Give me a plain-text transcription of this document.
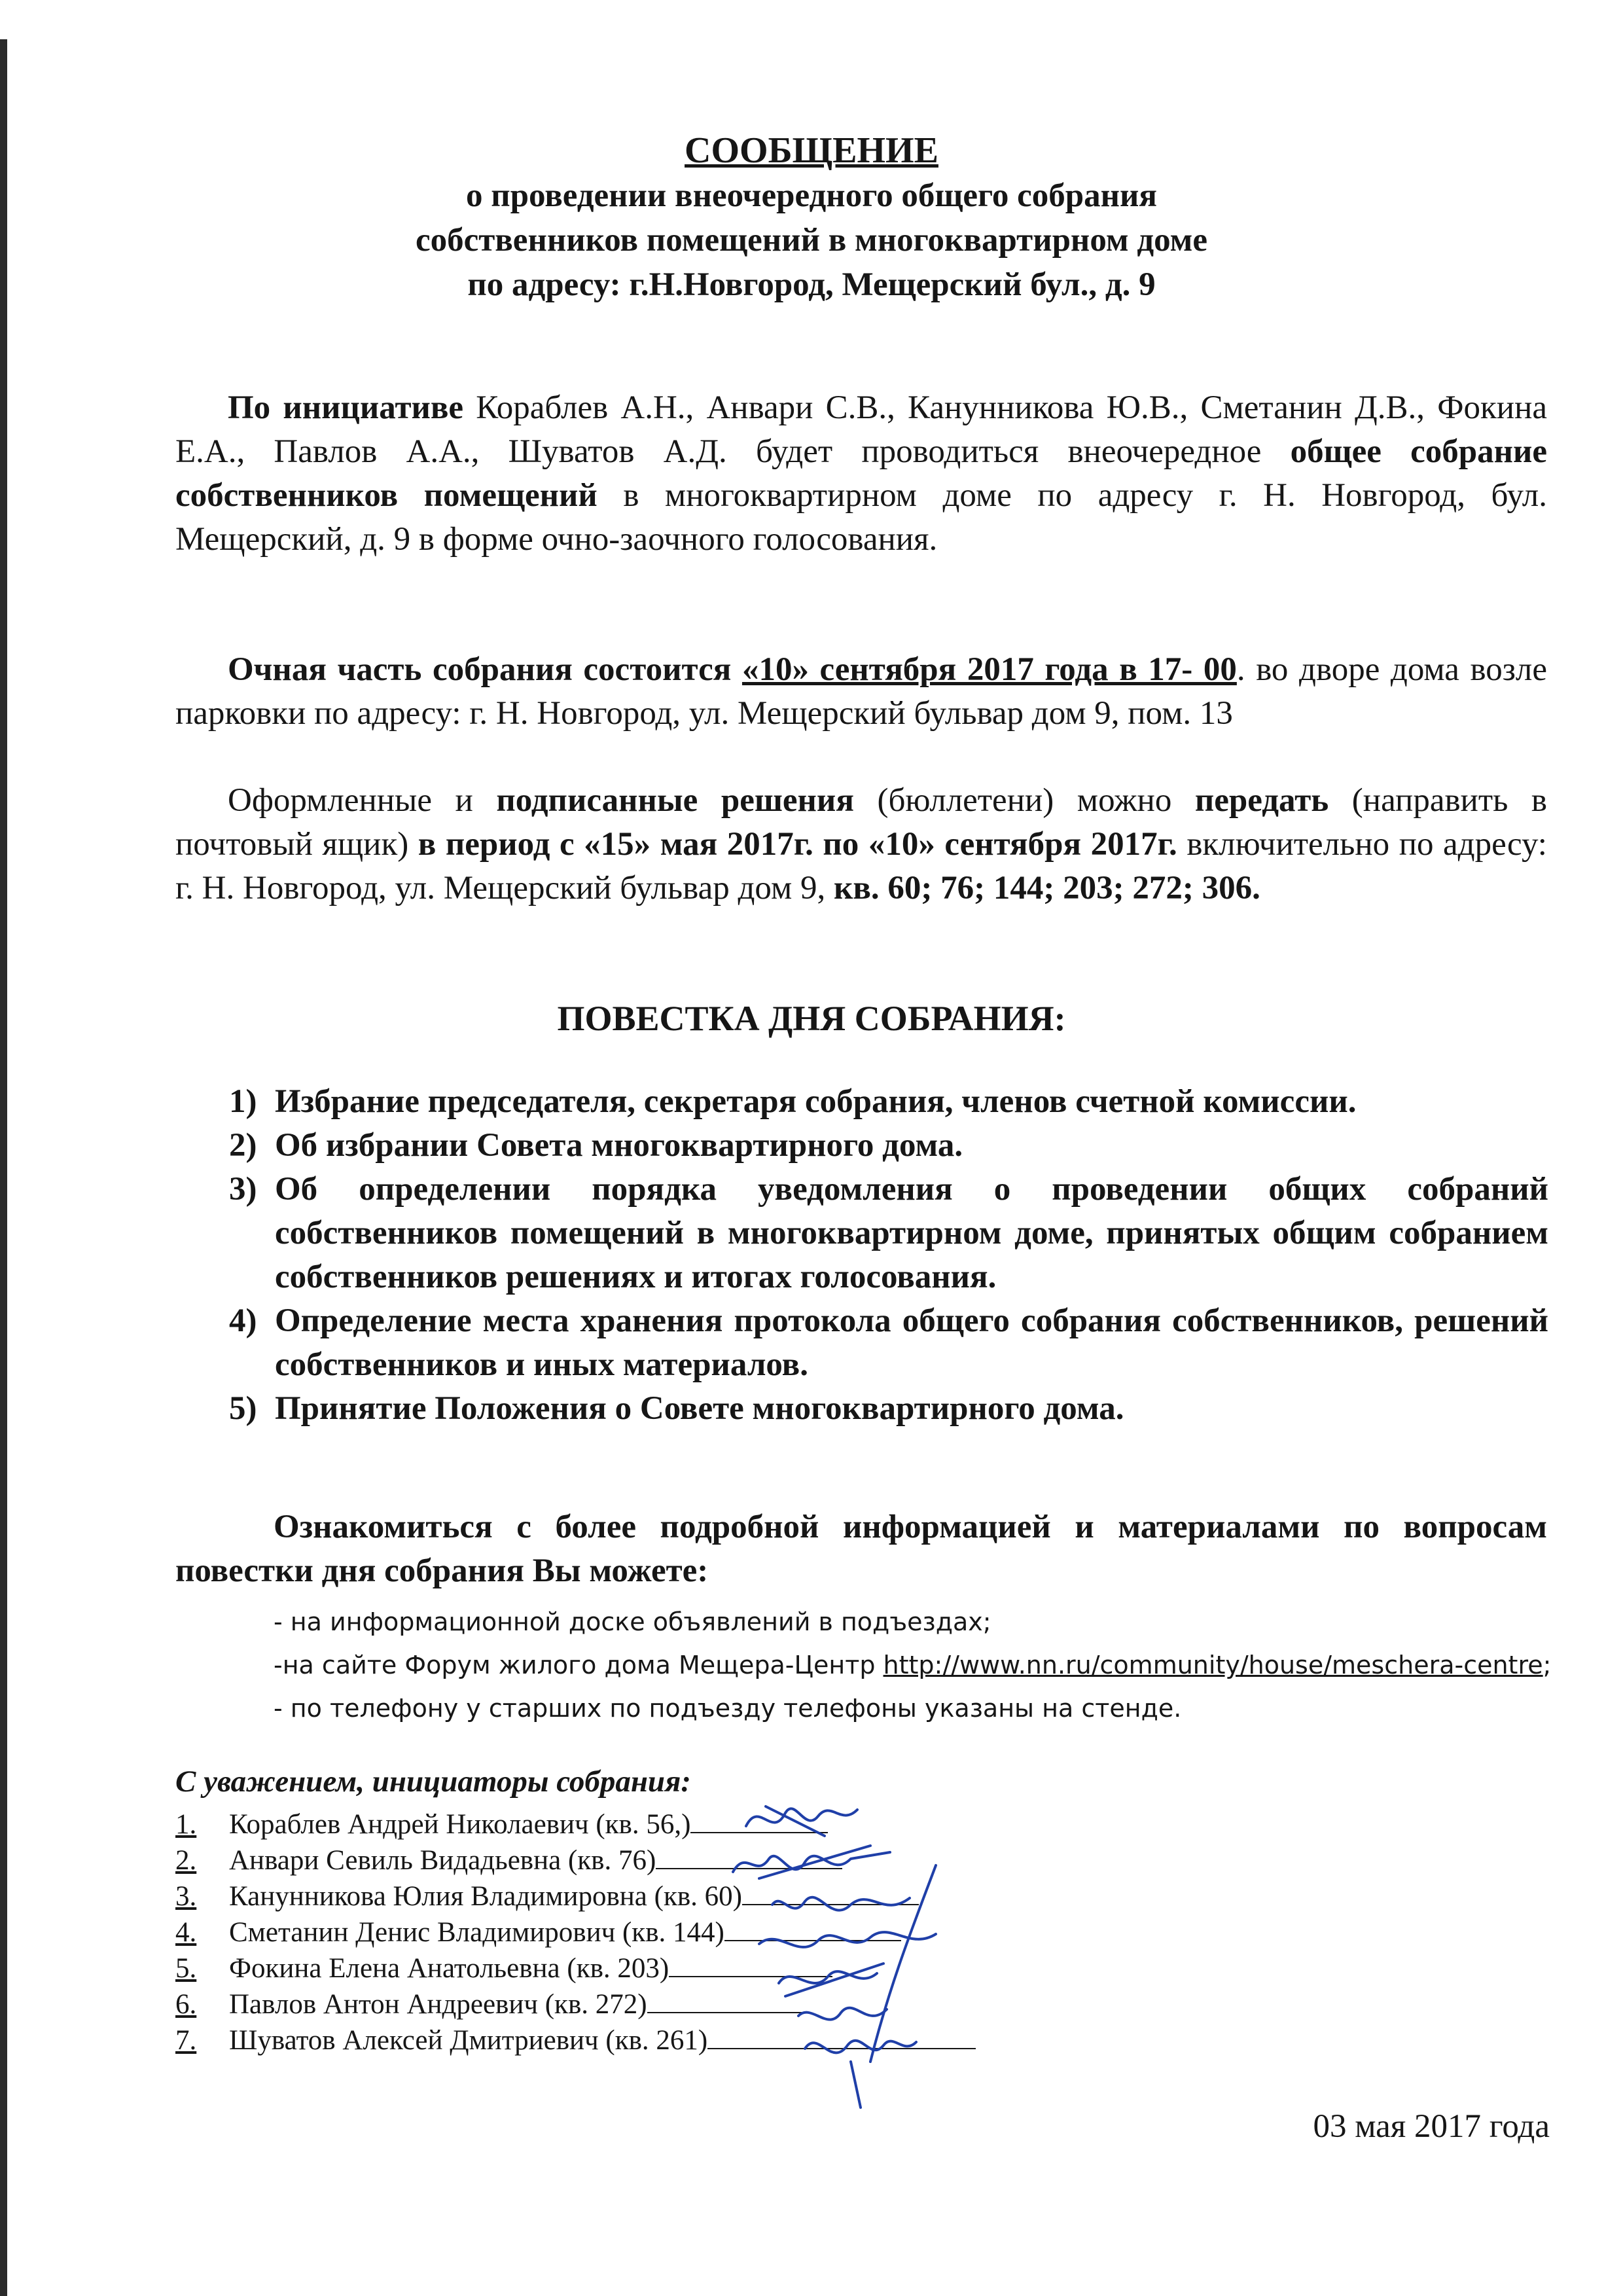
СООБЩЕНИЕ

о проведении внеочередного общего собрания

собственников помещений в многоквартирном доме

по адресу: г.Н.Новгород, Мещерский бул., д. 9

По инициативе Кораблев А.Н., Анвари С.В., Канунникова Ю.В., Сметанин Д.В., Фокина Е.А., Павлов А.А., Шуватов А.Д. будет проводиться внеочередное общее собрание собственников помещений в многоквартирном доме по адресу г. Н. Новгород, бул. Мещерский, д. 9 в форме очно-заочного голосования.

Очная часть собрания состоится «10» сентября 2017 года в 17- 00. во дворе дома возле парковки по адресу: г. Н. Новгород, ул. Мещерский бульвар дом 9, пом. 13

Оформленные и подписанные решения (бюллетени) можно передать (направить в почтовый ящик) в период с «15» мая 2017г. по «10» сентября 2017г. включительно по адресу: г. Н. Новгород, ул. Мещерский бульвар дом 9, кв. 60; 76; 144; 203; 272; 306.

ПОВЕСТКА ДНЯ СОБРАНИЯ:
1) Избрание председателя, секретаря собрания, членов счетной комиссии.
2) Об избрании Совета многоквартирного дома.
3) Об определении порядка уведомления о проведении общих собраний собственников помещений в многоквартирном доме, принятых общим собранием собственников решениях и итогах голосования.
4) Определение места хранения протокола общего собрания собственников, решений собственников и иных материалов.
5) Принятие Положения о Совете многоквартирного дома.

Ознакомиться с более подробной информацией и материалами по вопросам повестки дня собрания Вы можете:

- на информационной доске объявлений в подъездах;
-на сайте Форум жилого дома Мещера-Центр http://www.nn.ru/community/house/meschera-centre;
- по телефону у старших по подъезду телефоны указаны на стенде.
С уважением, инициаторы собрания:
1. Кораблев Андрей Николаевич (кв. 56,)
2. Анвари Севиль Видадьевна (кв. 76)
3. Канунникова Юлия Владимировна (кв. 60)
4. Сметанин Денис Владимирович (кв. 144)
5. Фокина Елена Анатольевна (кв. 203)
6. Павлов Антон Андреевич (кв. 272)
7. Шуватов Алексей Дмитриевич (кв. 261)
03 мая 2017 года
